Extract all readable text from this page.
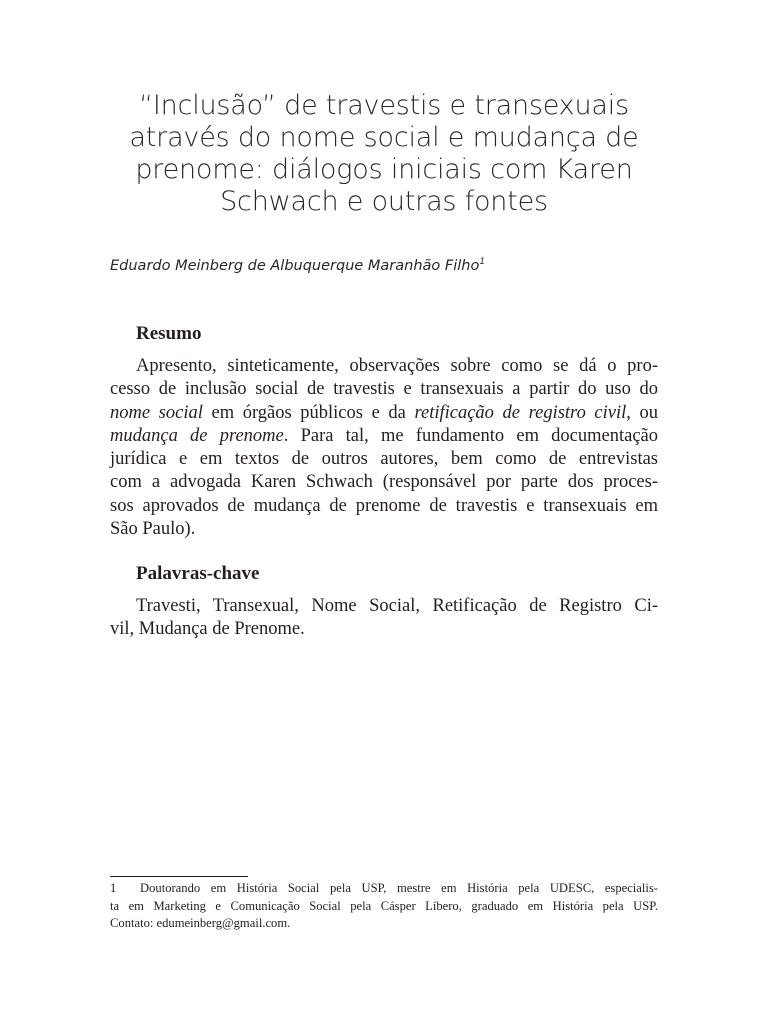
“Inclusão” de travestis e transexuais
através do nome social e mudança de
prenome: diálogos iniciais com Karen
Schwach e outras fontes
Eduardo Meinberg de Albuquerque Maranhão Filho$^1$
Resumo
Apresento, sinteticamente, observações sobre como se dá o pro-
cesso de inclusão social de travestis e transexuais a partir do uso do
nome social em órgãos públicos e da retificação de registro civil, ou
mudança de prenome. Para tal, me fundamento em documentação
jurídica e em textos de outros autores, bem como de entrevistas
com a advogada Karen Schwach (responsável por parte dos proces-
sos aprovados de mudança de prenome de travestis e transexuais em
São Paulo).
Palavras-chave
Travesti, Transexual, Nome Social, Retificação de Registro Ci-
vil, Mudança de Prenome.
1 Doutorando em História Social pela USP, mestre em História pela UDESC, especialis-
ta em Marketing e Comunicação Social pela Cásper Líbero, graduado em História pela USP.
Contato: edumeinberg@gmail.com.
